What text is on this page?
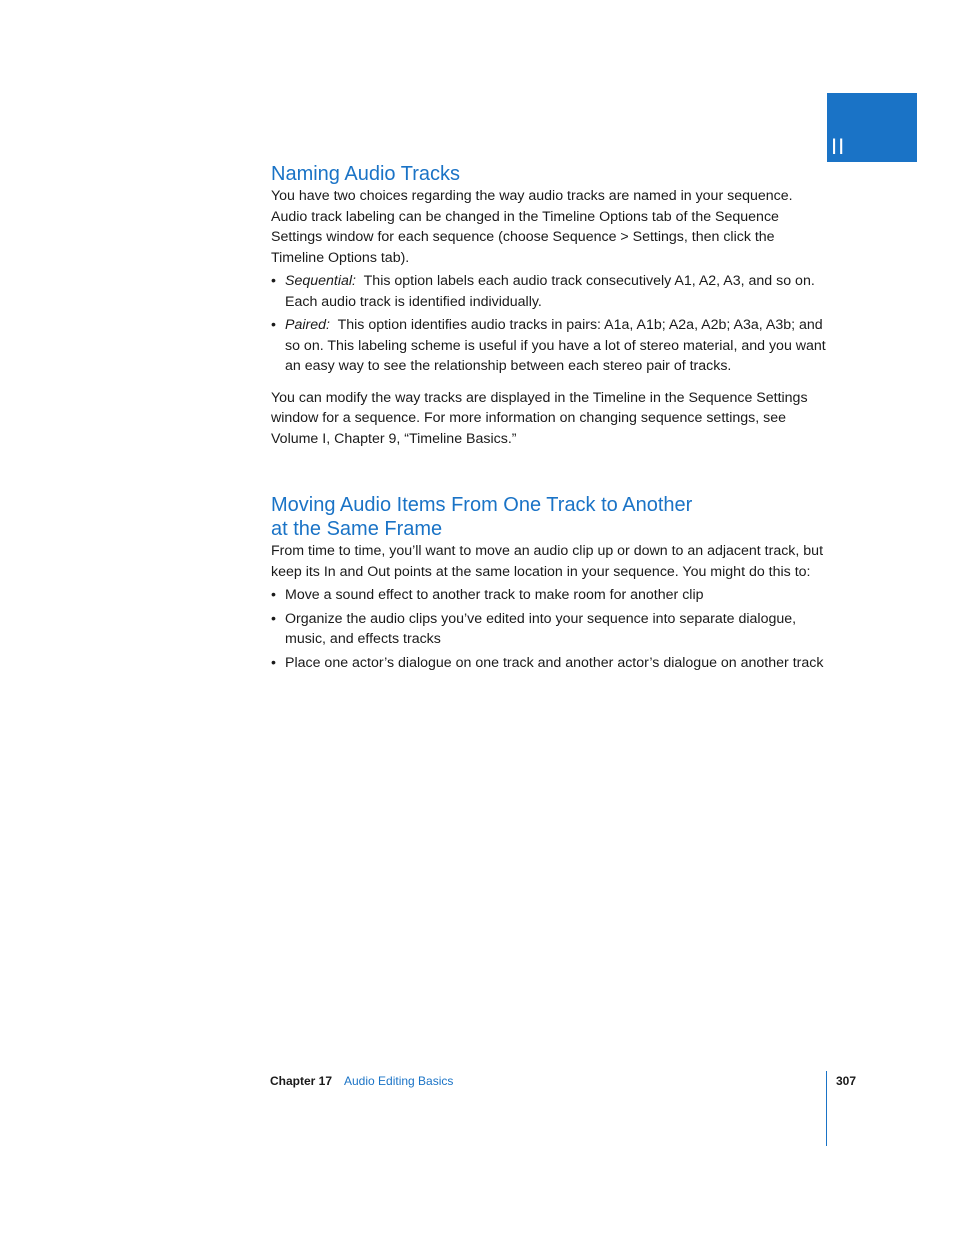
II
Naming Audio Tracks

You have two choices regarding the way audio tracks are named in your sequence. Audio track labeling can be changed in the Timeline Options tab of the Sequence Settings window for each sequence (choose Sequence > Settings, then click the Timeline Options tab).

• Sequential: This option labels each audio track consecutively A1, A2, A3, and so on. Each audio track is identified individually.
• Paired: This option identifies audio tracks in pairs: A1a, A1b; A2a, A2b; A3a, A3b; and so on. This labeling scheme is useful if you have a lot of stereo material, and you want an easy way to see the relationship between each stereo pair of tracks.

You can modify the way tracks are displayed in the Timeline in the Sequence Settings window for a sequence. For more information on changing sequence settings, see Volume I, Chapter 9, “Timeline Basics.”

Moving Audio Items From One Track to Another
at the Same Frame

From time to time, you’ll want to move an audio clip up or down to an adjacent track, but keep its In and Out points at the same location in your sequence. You might do this to:

• Move a sound effect to another track to make room for another clip
• Organize the audio clips you’ve edited into your sequence into separate dialogue, music, and effects tracks
• Place one actor’s dialogue on one track and another actor’s dialogue on another track
Chapter 17 Audio Editing Basics	307
